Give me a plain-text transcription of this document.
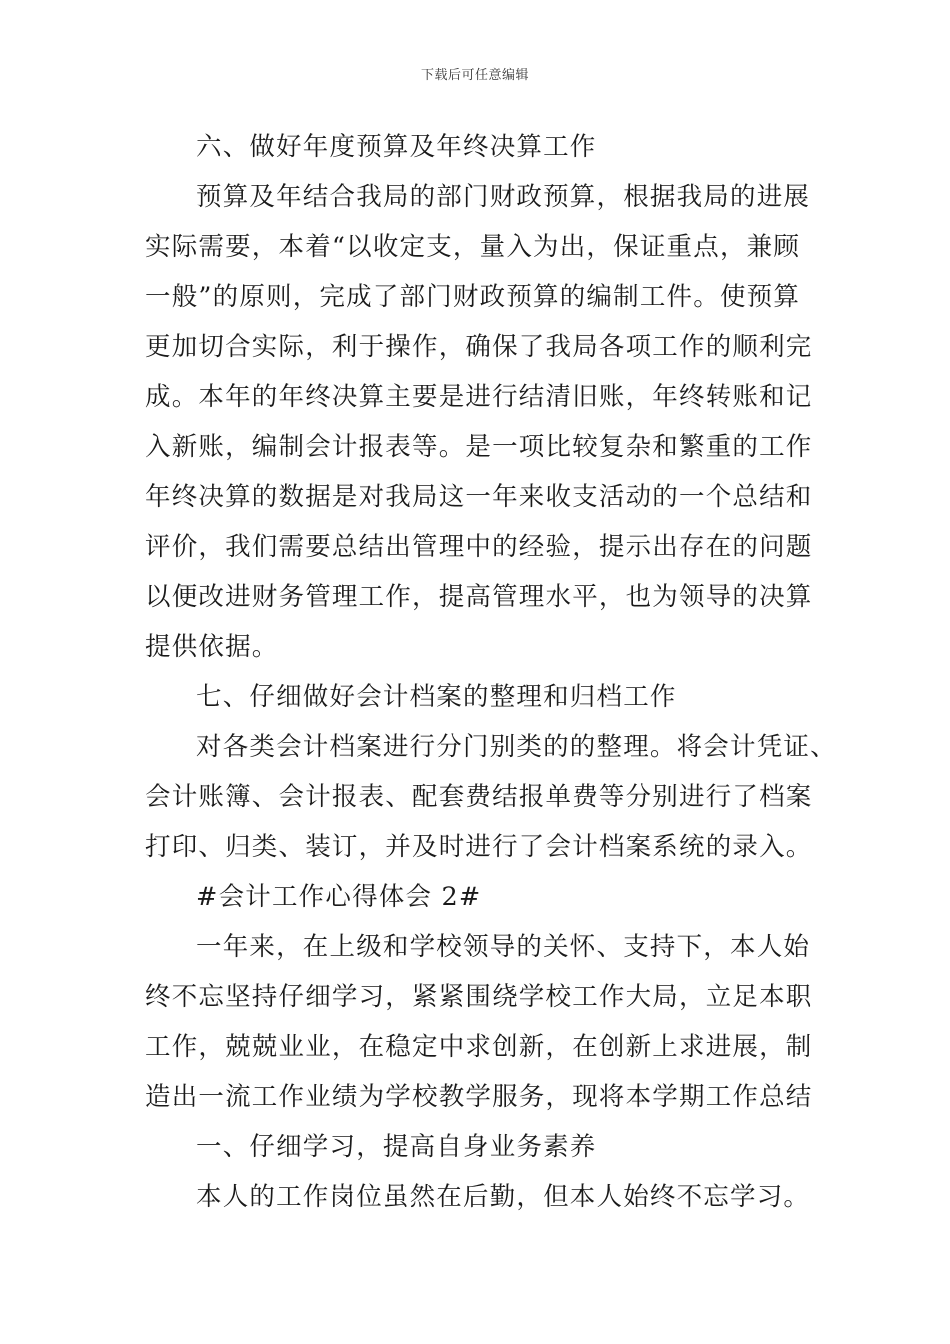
下载后可任意编辑
六、做好年度预算及年终决算工作
预算及年结合我局的部门财政预算，根据我局的进展
实际需要，本着“以收定支，量入为出，保证重点，兼顾
一般”的原则，完成了部门财政预算的编制工件。使预算
更加切合实际，利于操作，确保了我局各项工作的顺利完
成。本年的年终决算主要是进行结清旧账，年终转账和记
入新账，编制会计报表等。是一项比较复杂和繁重的工作
年终决算的数据是对我局这一年来收支活动的一个总结和
评价，我们需要总结出管理中的经验，提示出存在的问题
以便改进财务管理工作，提高管理水平，也为领导的决算
提供依据。
七、仔细做好会计档案的整理和归档工作
对各类会计档案进行分门别类的的整理。将会计凭证、
会计账簿、会计报表、配套费结报单费等分别进行了档案
打印、归类、装订，并及时进行了会计档案系统的录入。
#会计工作心得体会 2#
一年来，在上级和学校领导的关怀、支持下，本人始
终不忘坚持仔细学习，紧紧围绕学校工作大局，立足本职
工作，兢兢业业，在稳定中求创新，在创新上求进展，制
造出一流工作业绩为学校教学服务，现将本学期工作总结
一、仔细学习，提高自身业务素养
本人的工作岗位虽然在后勤，但本人始终不忘学习。
